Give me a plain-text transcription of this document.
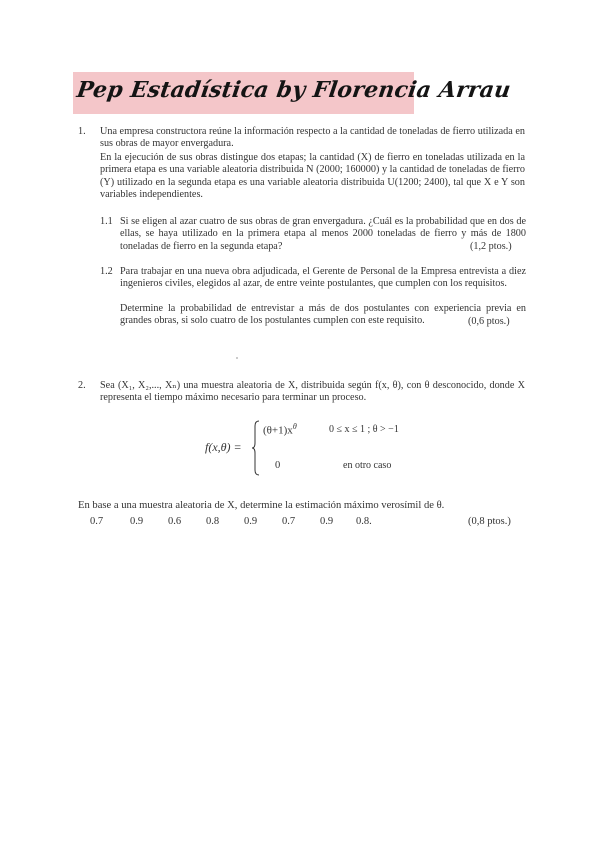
Pep Estadística by Florencia Arrau
1. Una empresa constructora reúne la información respecto a la cantidad de toneladas de fierro utilizada en sus obras de mayor envergadura.
En la ejecución de sus obras distingue dos etapas; la cantidad (X) de fierro en toneladas utilizada en la primera etapa es una variable aleatoria distribuida N (2000; 160000) y la cantidad de toneladas de fierro (Y) utilizado en la segunda etapa es una variable aleatoria distribuida U(1200; 2400), tal que X e Y son variables independientes.
1.1 Si se eligen al azar cuatro de sus obras de gran envergadura. ¿Cuál es la probabilidad que en dos de ellas, se haya utilizado en la primera etapa al menos 2000 toneladas de fierro y más de 1800 toneladas de fierro en la segunda etapa?	(1,2 ptos.)
1.2 Para trabajar en una nueva obra adjudicada, el Gerente de Personal de la Empresa entrevista a diez ingenieros civiles, elegidos al azar, de entre veinte postulantes, que cumplen con los requisitos.
Determine la probabilidad de entrevistar a más de dos postulantes con experiencia previa en grandes obras, si solo cuatro de los postulantes cumplen con este requisito.	(0,6 ptos.)
2. Sea (X₁, X₂,..., Xₙ) una muestra aleatoria de X, distribuida según f(x, θ), con θ desconocido, donde X representa el tiempo máximo necesario para terminar un proceso.
f(x,θ) =
$(\theta+1)x^\theta$	0 ≤ x ≤ 1 ; θ > −1
0	en otro caso
En base a una muestra aleatoria de X, determine la estimación máximo verosímil de θ.
0.7	0.9 0.6 0.8 0.9 0.7 0.9 0.8.	(0,8 ptos.)
